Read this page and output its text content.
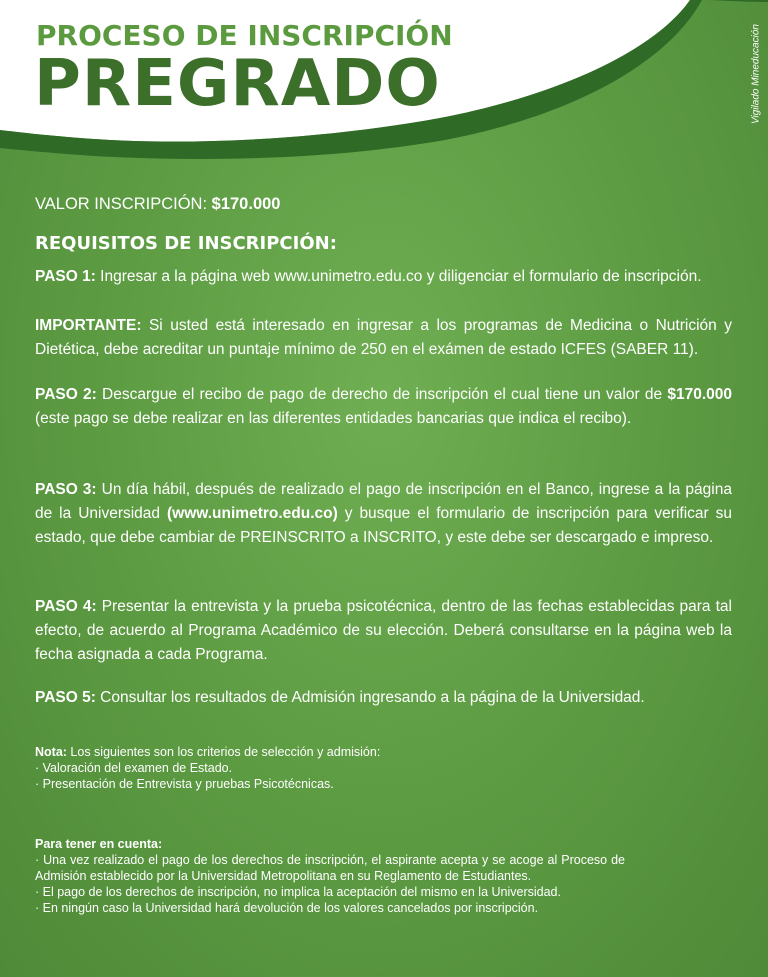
PROCESO DE INSCRIPCIÓN
PREGRADO	Vigilado Mineducación
VALOR INSCRIPCIÓN: $170.000
REQUISITOS DE INSCRIPCIÓN:

PASO 1: Ingresar a la página web www.unimetro.edu.co y diligenciar el formulario de inscripción.

IMPORTANTE: Si usted está interesado en ingresar a los programas de Medicina o Nutrición y Dietética, debe acreditar un puntaje mínimo de 250 en el exámen de estado ICFES (SABER 11).

PASO 2: Descargue el recibo de pago de derecho de inscripción el cual tiene un valor de $170.000 (este pago se debe realizar en las diferentes entidades bancarias que indica el recibo).

PASO 3: Un día hábil, después de realizado el pago de inscripción en el Banco, ingrese a la página de la Universidad (www.unimetro.edu.co) y busque el formulario de inscripción para verificar su estado, que debe cambiar de PREINSCRITO a INSCRITO, y este debe ser descargado e impreso.

PASO 4: Presentar la entrevista y la prueba psicotécnica, dentro de las fechas establecidas para tal efecto, de acuerdo al Programa Académico de su elección. Deberá consultarse en la página web la fecha asignada a cada Programa.

PASO 5: Consultar los resultados de Admisión ingresando a la página de la Universidad.

Nota: Los siguientes son los criterios de selección y admisión:
· Valoración del examen de Estado.
· Presentación de Entrevista y pruebas Psicotécnicas.
Para tener en cuenta:
· Una vez realizado el pago de los derechos de inscripción, el aspirante acepta y se acoge al Proceso de Admisión establecido por la Universidad Metropolitana en su Reglamento de Estudiantes.
· El pago de los derechos de inscripción, no implica la aceptación del mismo en la Universidad.
· En ningún caso la Universidad hará devolución de los valores cancelados por inscripción.
